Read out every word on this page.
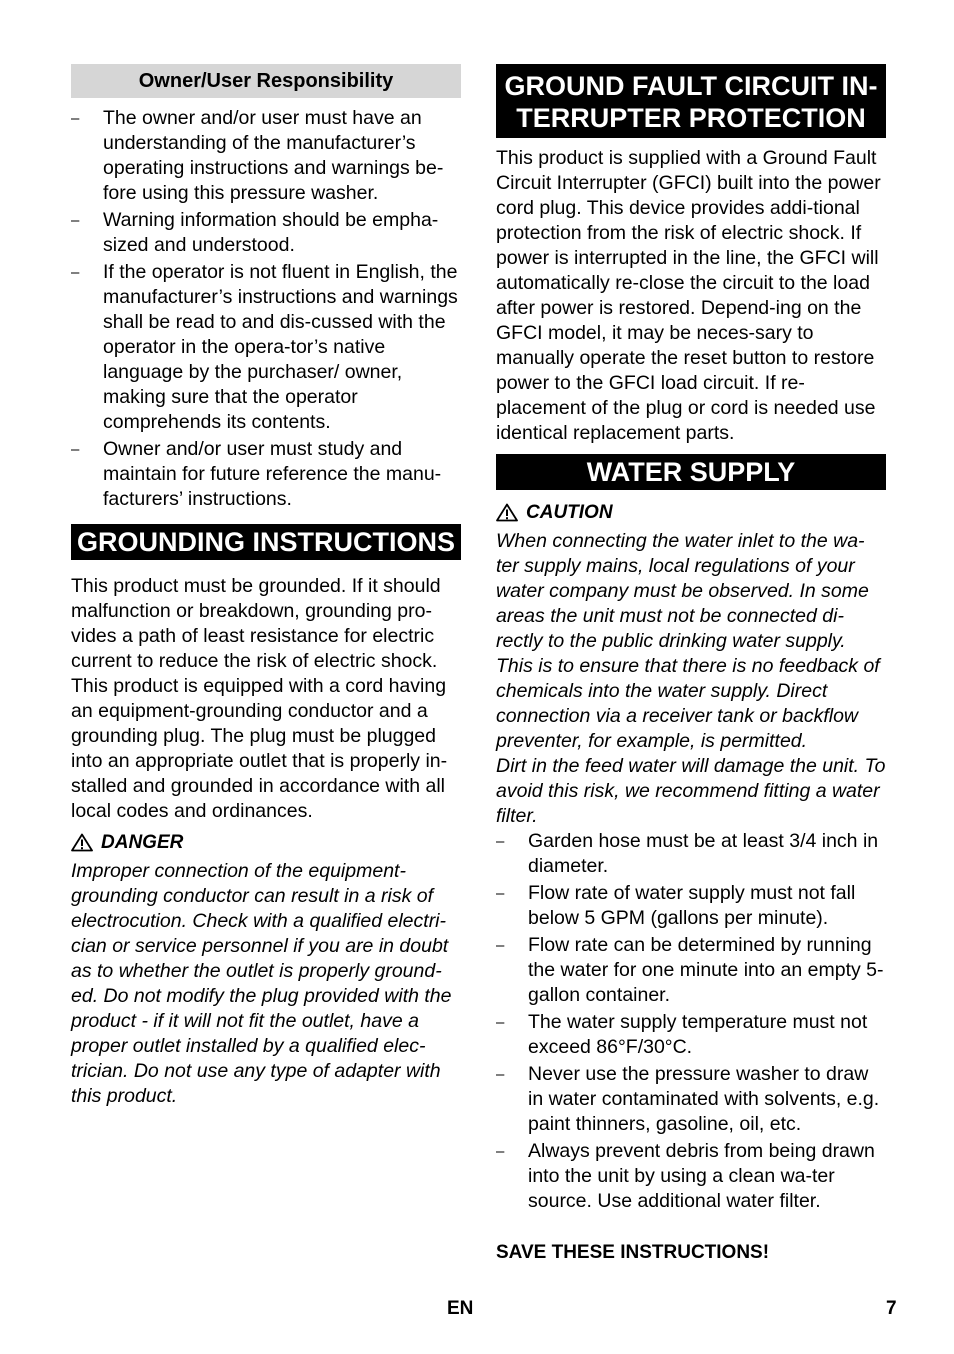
Owner/User Responsibility
– The owner and/or user must have an understanding of the manufacturer’s operating instructions and warnings be-fore using this pressure washer.
– Warning information should be empha-sized and understood.
– If the operator is not fluent in English, the manufacturer’s instructions and warnings shall be read to and dis-cussed with the operator in the opera-tor’s native language by the purchaser/ owner, making sure that the operator comprehends its contents.
– Owner and/or user must study and maintain for future reference the manu-facturers’ instructions.
GROUNDING INSTRUCTIONS

This product must be grounded. If it should malfunction or breakdown, grounding pro-vides a path of least resistance for electric current to reduce the risk of electric shock. This product is equipped with a cord having an equipment-grounding conductor and a grounding plug. The plug must be plugged into an appropriate outlet that is properly in-stalled and grounded in accordance with all local codes and ordinances.

DANGER

Improper connection of the equipment-grounding conductor can result in a risk of electrocution. Check with a qualified electri-cian or service personnel if you are in doubt as to whether the outlet is properly ground-ed. Do not modify the plug provided with the product - if it will not fit the outlet, have a proper outlet installed by a qualified elec-trician. Do not use any type of adapter with this product.

GROUND FAULT CIRCUIT IN-TERRUPTER PROTECTION

This product is supplied with a Ground Fault Circuit Interrupter (GFCI) built into the power cord plug. This device provides addi-tional protection from the risk of electric shock. If power is interrupted in the line, the GFCI will automatically re-close the circuit to the load after power is restored. Depend-ing on the GFCI model, it may be neces-sary to manually operate the reset button to restore power to the GFCI load circuit. If re-placement of the plug or cord is needed use identical replacement parts.

WATER SUPPLY
CAUTION

When connecting the water inlet to the wa-ter supply mains, local regulations of your water company must be observed. In some areas the unit must not be connected di-rectly to the public drinking water supply. This is to ensure that there is no feedback of chemicals into the water supply. Direct connection via a receiver tank or backflow preventer, for example, is permitted.

Dirt in the feed water will damage the unit. To avoid this risk, we recommend fitting a water filter.

– Garden hose must be at least 3/4 inch in diameter.
– Flow rate of water supply must not fall below 5 GPM (gallons per minute).
– Flow rate can be determined by running the water for one minute into an empty 5-gallon container.
– The water supply temperature must not exceed 86°F/30°C.
– Never use the pressure washer to draw in water contaminated with solvents, e.g. paint thinners, gasoline, oil, etc.
– Always prevent debris from being drawn into the unit by using a clean wa-ter source. Use additional water filter.

SAVE THESE INSTRUCTIONS!

EN	7
